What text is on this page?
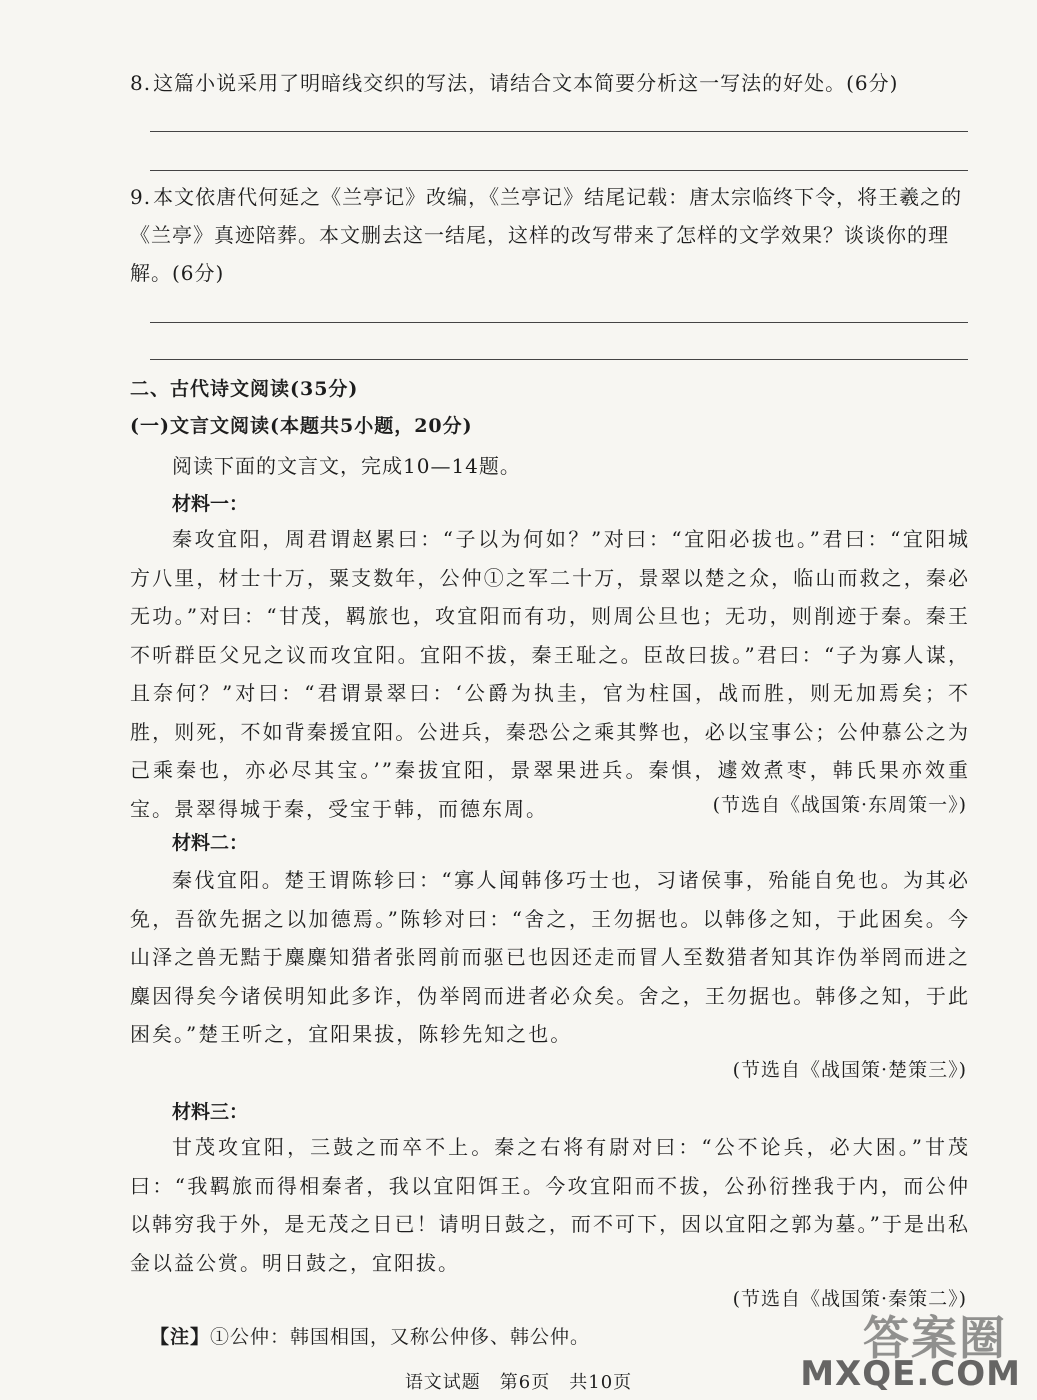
8. 这篇小说采用了明暗线交织的写法，请结合文本简要分析这一写法的好处。(6分)

9. 本文依唐代何延之《兰亭记》改编，《兰亭记》结尾记载：唐太宗临终下令，将王羲之的《兰亭》真迹陪葬。本文删去这一结尾，这样的改写带来了怎样的文学效果？谈谈你的理解。(6分)

二、古代诗文阅读(35分)

(一)文言文阅读(本题共5小题，20分)

阅读下面的文言文，完成10—14题。

材料一：

秦攻宜阳，周君谓赵累曰：“子以为何如？”对曰：“宜阳必拔也。”君曰：“宜阳城方八里，材士十万，粟支数年，公仲①之军二十万，景翠以楚之众，临山而救之，秦必无功。”对曰：“甘茂，羁旅也，攻宜阳而有功，则周公旦也；无功，则削迹于秦。秦王不听群臣父兄之议而攻宜阳。宜阳不拔，秦王耻之。臣故曰拔。”君曰：“子为寡人谋，且奈何？”对曰：“君谓景翠曰：‘公爵为执圭，官为柱国，战而胜，则无加焉矣；不胜，则死，不如背秦援宜阳。公进兵，秦恐公之乘其弊也，必以宝事公；公仲慕公之为己乘秦也，亦必尽其宝。’”秦拔宜阳，景翠果进兵。秦惧，遽效煮枣，韩氏果亦效重宝。景翠得城于秦，受宝于韩，而德东周。	(节选自《战国策·东周策一》)

材料二：

秦伐宜阳。楚王谓陈轸曰：“寡人闻韩侈巧士也，习诸侯事，殆能自免也。为其必免，吾欲先据之以加德焉。”陈轸对曰：“舍之，王勿据也。以韩侈之知，于此困矣。今山泽之兽无黠于麋麋知猎者张罔前而驱已也因还走而冒人至数猎者知其诈伪举罔而进之麋因得矣今诸侯明知此多诈，伪举罔而进者必众矣。舍之，王勿据也。韩侈之知，于此困矣。”楚王听之，宜阳果拔，陈轸先知之也。

(节选自《战国策·楚策三》)

材料三：

甘茂攻宜阳，三鼓之而卒不上。秦之右将有尉对曰：“公不论兵，必大困。”甘茂曰：“我羁旅而得相秦者，我以宜阳饵王。今攻宜阳而不拔，公孙衍挫我于内，而公仲以韩穷我于外，是无茂之日已！请明日鼓之，而不可下，因以宜阳之郭为墓。”于是出私金以益公赏。明日鼓之，宜阳拔。

(节选自《战国策·秦策二》)

【注】①公仲：韩国相国，又称公仲侈、韩公仲。

语文试题　第6页　共10页

答案圈
MXQE.COM
